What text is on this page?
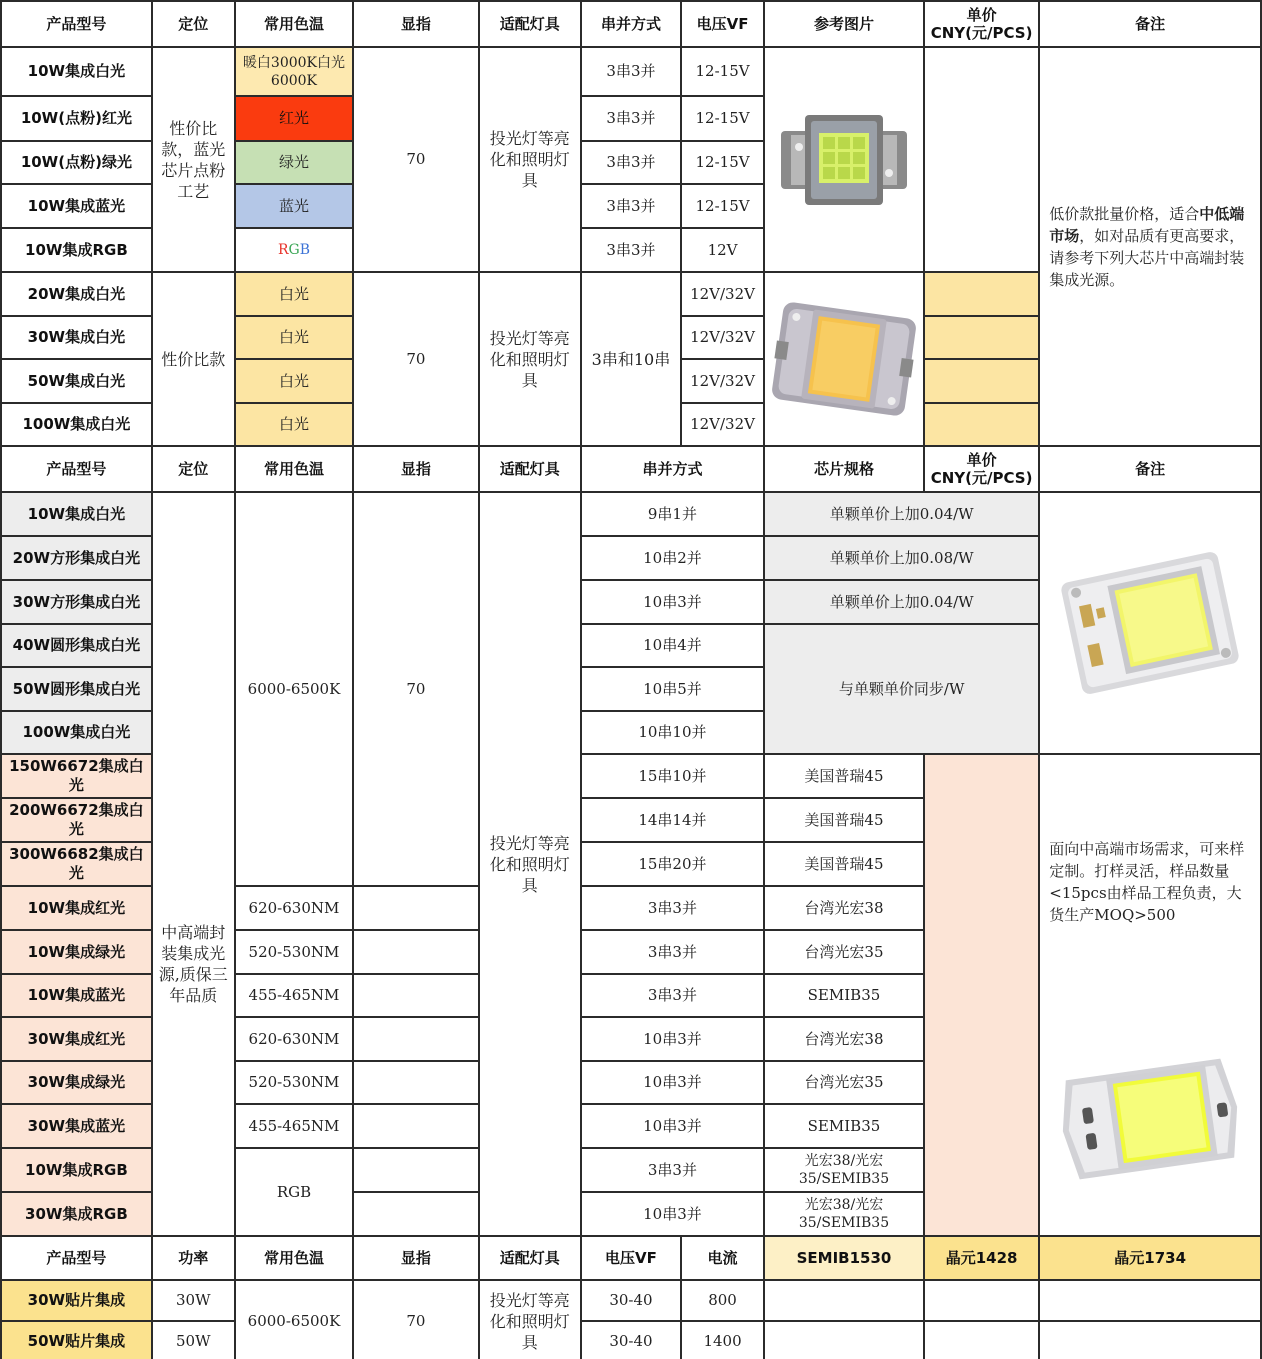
产品型号	定位	常用色温	显指	适配灯具	串并方式	电压VF	参考图片	单价CNY(元/PCS)	备注
10W集成白光	性价比款，蓝光芯片点粉工艺	暖白3000K白光6000K	70	投光灯等亮化和照明灯具	3串3并	12-15V			低价款批量价格，适合中低端市场，如对品质有更高要求，请参考下列大芯片中高端封装集成光源。
10W(点粉)红光		红光			3串3并	12-15V			
10W(点粉)绿光		绿光			3串3并	12-15V			
10W集成蓝光		蓝光			3串3并	12-15V			
10W集成RGB		RGB			3串3并	12V			
20W集成白光	性价比款	白光	70	投光灯等亮化和照明灯具	3串和10串	12V/32V	

30W集成白光		白光				12V/32V			
50W集成白光		白光				12V/32V			
100W集成白光		白光				12V/32V			
产品型号	定位	常用色温	显指	适配灯具	串并方式		芯片规格	单价CNY(元/PCS)	备注
10W集成白光	中高端封装集成光源,质保三年品质	6000-6500K	70	投光灯等亮化和照明灯具	9串1并		单颗单价上加0.04/W	

20W方形集成白光					10串2并		单颗单价上加0.08/W		
30W方形集成白光					10串3并		单颗单价上加0.04/W		
40W圆形集成白光					10串4并		与单颗单价同步/W		
50W圆形集成白光					10串5并				
100W集成白光					10串10并				
150W6672集成白光					15串10并		美国普瑞45		面向中高端市场需求，可来样定制。打样灵活，样品数量<15pcs由样品工程负责，大货生产MOQ>500

200W6672集成白光					14串14并		美国普瑞45		
300W6682集成白光					15串20并		美国普瑞45		
10W集成红光		620-630NM			3串3并		台湾光宏38		
10W集成绿光		520-530NM			3串3并		台湾光宏35		
10W集成蓝光		455-465NM			3串3并		SEMIB35		
30W集成红光		620-630NM			10串3并		台湾光宏38		
30W集成绿光		520-530NM			10串3并		台湾光宏35		
30W集成蓝光		455-465NM			10串3并		SEMIB35		
10W集成RGB		RGB			3串3并		光宏38/光宏35/SEMIB35		
30W集成RGB					10串3并		光宏38/光宏35/SEMIB35		
产品型号	功率	常用色温	显指	适配灯具	电压VF	电流	SEMIB1530	晶元1428	晶元1734
30W贴片集成	30W	6000-6500K	70	投光灯等亮化和照明灯具	30-40	800			
50W贴片集成	50W				30-40	1400			
